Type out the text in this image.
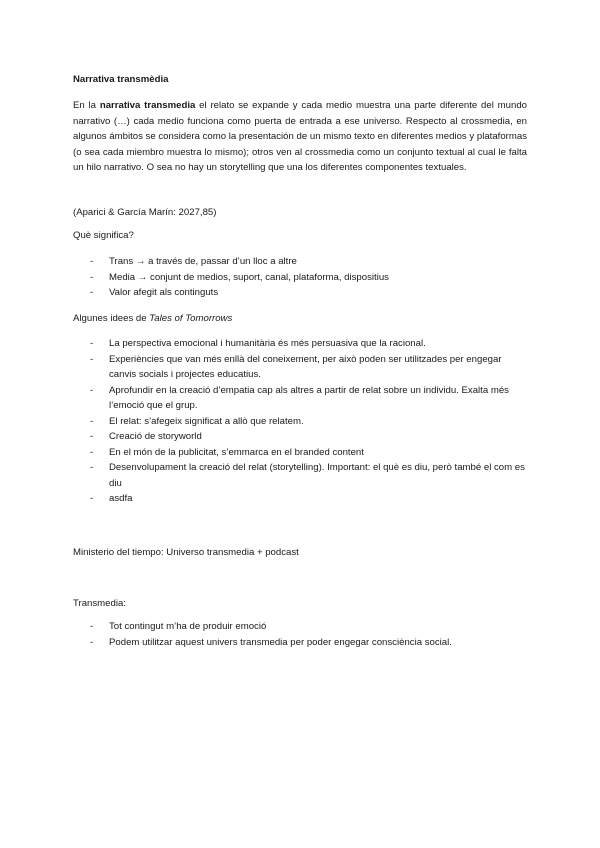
Narrativa transmèdia
En la narrativa transmedia el relato se expande y cada medio muestra una parte diferente del mundo narrativo (…) cada medio funciona como puerta de entrada a ese universo. Respecto al crossmedia, en algunos ámbitos se considera como la presentación de un mismo texto en diferentes medios y plataformas (o sea cada miembro muestra lo mismo); otros ven al crossmedia como un conjunto textual al cual le falta un hilo narrativo. O sea no hay un storytelling que una los diferentes componentes textuales.
(Aparici & García Marín: 2027,85)
Què significa?
- Trans → a través de, passar d’un lloc a altre
- Media → conjunt de medios, suport, canal, plataforma, dispositius
- Valor afegit als continguts
Algunes idees de Tales of Tomorrows
- La perspectiva emocional i humanitària és més persuasiva que la racional.
- Experiències que van més enllà del coneixement, per això poden ser utilitzades per engegar canvis socials i projectes educatius.
- Aprofundir en la creació d’empatia cap als altres a partir de relat sobre un individu. Exalta més l’emoció que el grup.
- El relat: s’afegeix significat a allò que relatem.
- Creació de storyworld
- En el món de la publicitat, s’emmarca en el branded content
- Desenvolupament la creació del relat (storytelling). Important: el què es diu, però també el com es diu
- asdfa
Ministerio del tiempo: Universo transmedia + podcast
Transmedia:
- Tot contingut m’ha de produir emoció
- Podem utilitzar aquest univers transmedia per poder engegar consciència social.
